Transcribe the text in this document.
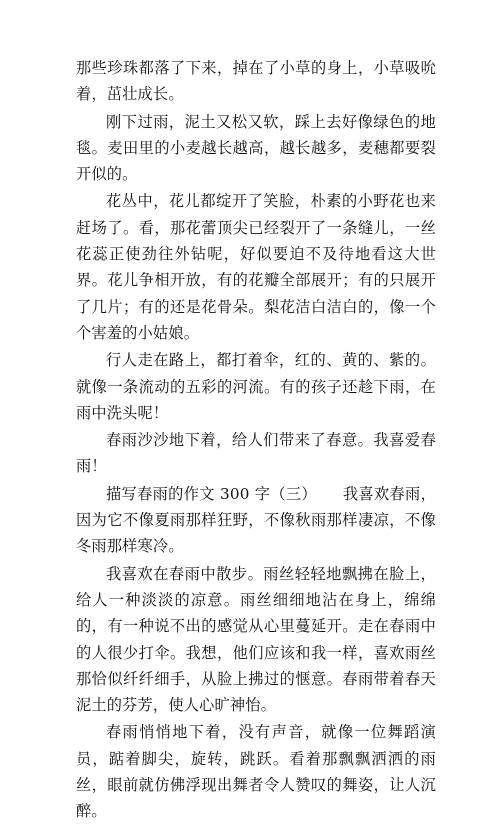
那些珍珠都落了下来，掉在了小草的身上，小草吸吮着，茁壮成长。

刚下过雨，泥土又松又软，踩上去好像绿色的地毯。麦田里的小麦越长越高，越长越多，麦穗都要裂开似的。

花丛中，花儿都绽开了笑脸，朴素的小野花也来赶场了。看，那花蕾顶尖已经裂开了一条缝儿，一丝花蕊正使劲往外钻呢，好似要迫不及待地看这大世界。花儿争相开放，有的花瓣全部展开；有的只展开了几片；有的还是花骨朵。梨花洁白洁白的，像一个个害羞的小姑娘。

行人走在路上，都打着伞，红的、黄的、紫的。就像一条流动的五彩的河流。有的孩子还趁下雨，在雨中洗头呢！

春雨沙沙地下着，给人们带来了春意。我喜爱春雨！

描写春雨的作文 300 字（三）     我喜欢春雨，因为它不像夏雨那样狂野，不像秋雨那样凄凉，不像冬雨那样寒冷。

我喜欢在春雨中散步。雨丝轻轻地飘拂在脸上，给人一种淡淡的凉意。雨丝细细地沾在身上，绵绵的，有一种说不出的感觉从心里蔓延开。走在春雨中的人很少打伞。我想，他们应该和我一样，喜欢雨丝那恰似纤纤细手，从脸上拂过的惬意。春雨带着春天泥土的芬芳，使人心旷神怡。

春雨悄悄地下着，没有声音，就像一位舞蹈演员，踮着脚尖，旋转，跳跃。看着那飘飘洒洒的雨丝，眼前就仿佛浮现出舞者令人赞叹的舞姿，让人沉醉。
